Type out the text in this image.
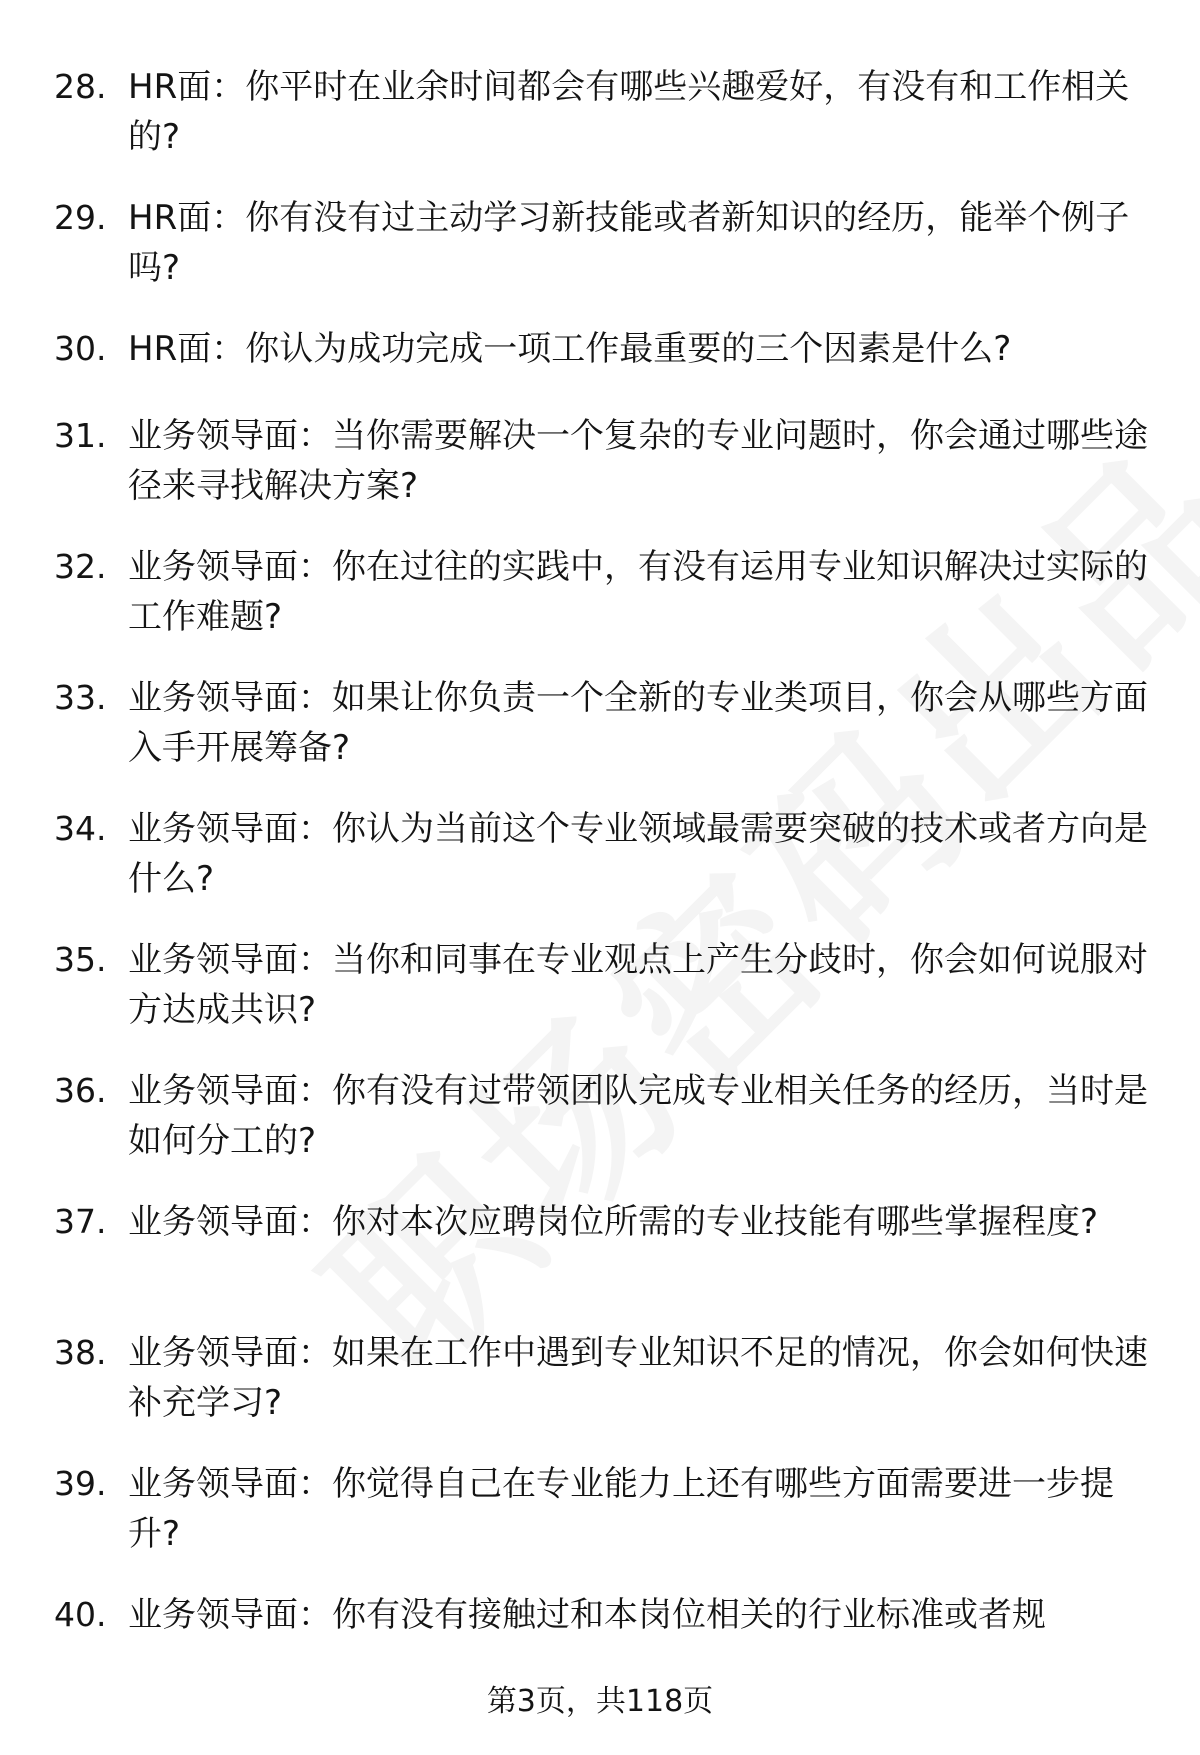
28. HR面：你平时在业余时间都会有哪些兴趣爱好，有没有和工作相关的?
29. HR面：你有没有过主动学习新技能或者新知识的经历，能举个例子吗?
30. HR面：你认为成功完成一项工作最重要的三个因素是什么?
31. 业务领导面：当你需要解决一个复杂的专业问题时，你会通过哪些途径来寻找解决方案?
32. 业务领导面：你在过往的实践中，有没有运用专业知识解决过实际的工作难题?
33. 业务领导面：如果让你负责一个全新的专业类项目，你会从哪些方面入手开展筹备?
34. 业务领导面：你认为当前这个专业领域最需要突破的技术或者方向是什么?
35. 业务领导面：当你和同事在专业观点上产生分歧时，你会如何说服对方达成共识?
36. 业务领导面：你有没有过带领团队完成专业相关任务的经历，当时是如何分工的?
37. 业务领导面：你对本次应聘岗位所需的专业技能有哪些掌握程度?
38. 业务领导面：如果在工作中遇到专业知识不足的情况，你会如何快速补充学习?
39. 业务领导面：你觉得自己在专业能力上还有哪些方面需要进一步提升?
40. 业务领导面：你有没有接触过和本岗位相关的行业标准或者规
第3页，共118页
